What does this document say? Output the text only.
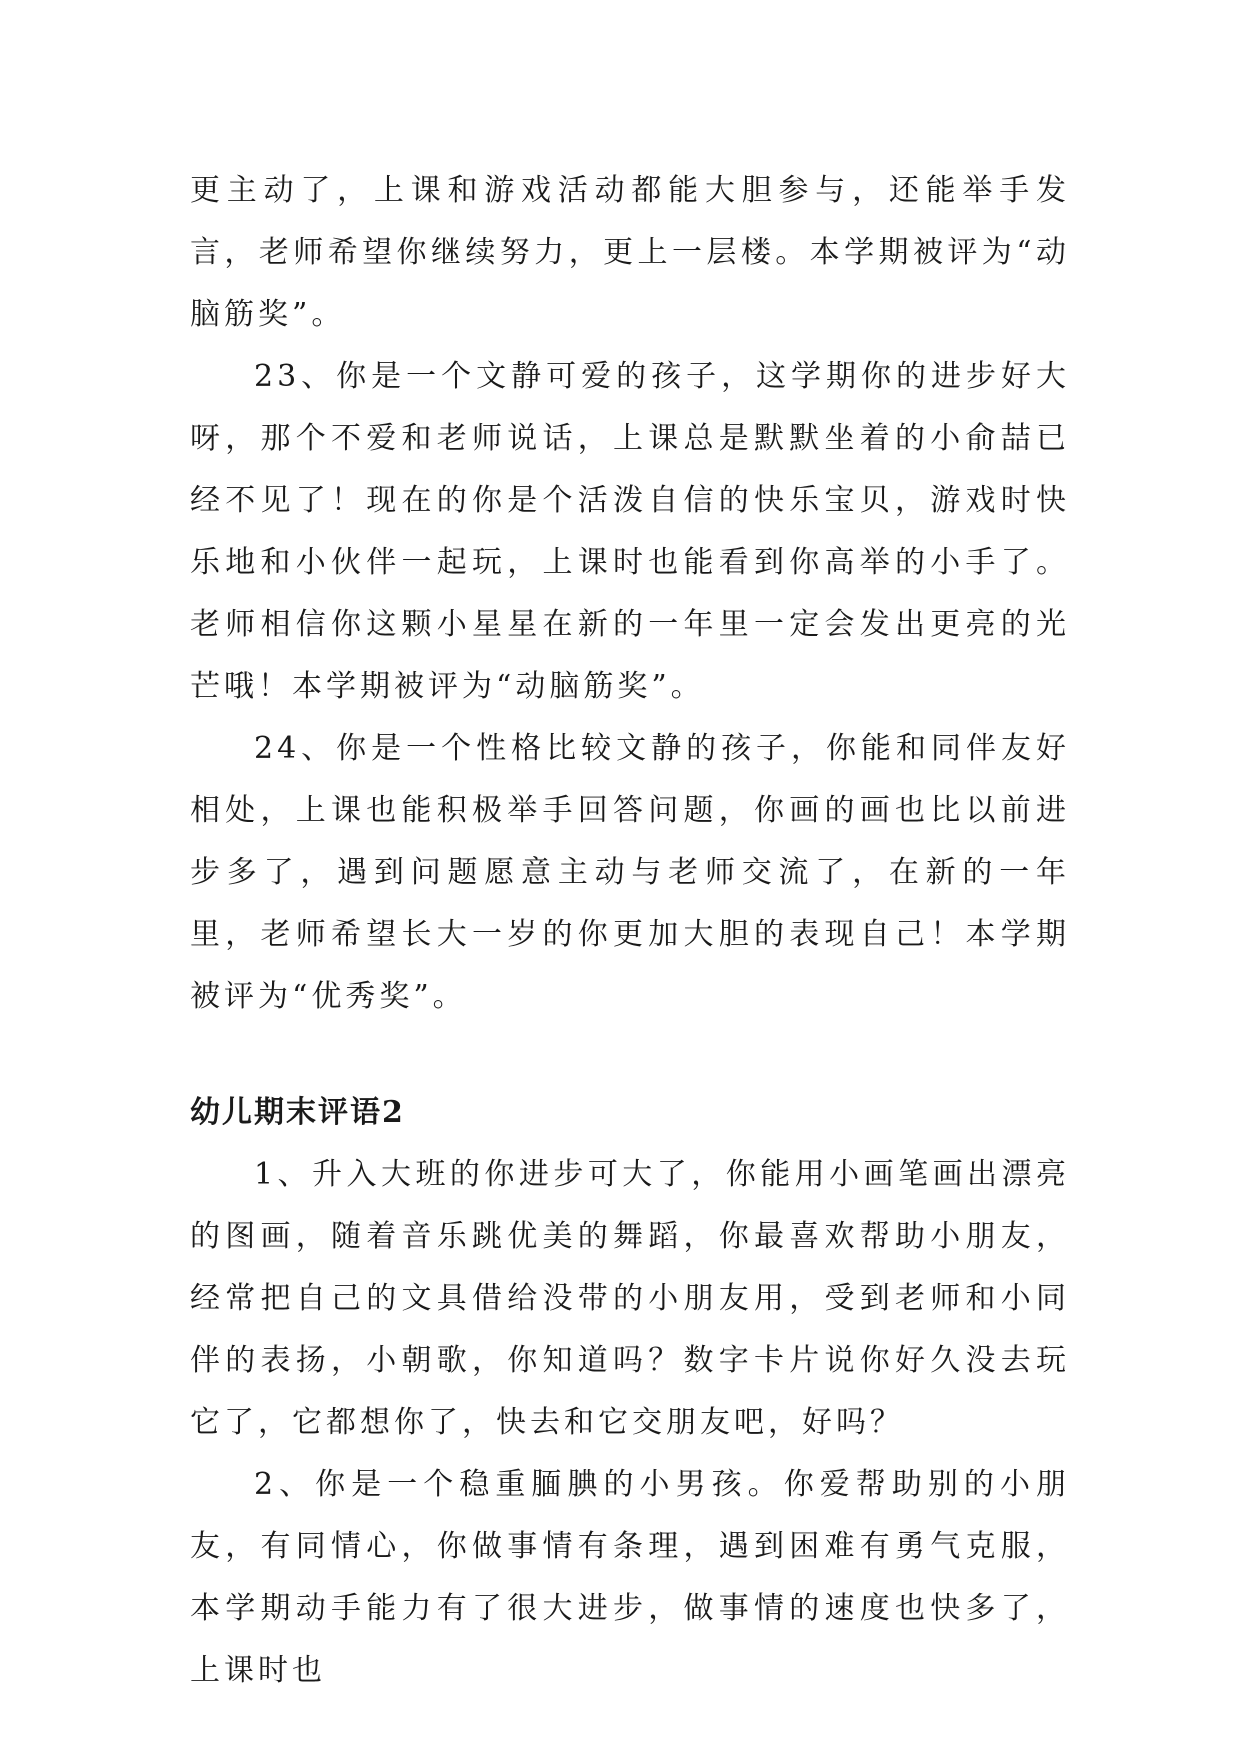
更主动了，上课和游戏活动都能大胆参与，还能举手发言，老师希望你继续努力，更上一层楼。本学期被评为“动脑筋奖”。

23、你是一个文静可爱的孩子，这学期你的进步好大呀，那个不爱和老师说话，上课总是默默坐着的小俞喆已经不见了！现在的你是个活泼自信的快乐宝贝，游戏时快乐地和小伙伴一起玩，上课时也能看到你高举的小手了。老师相信你这颗小星星在新的一年里一定会发出更亮的光芒哦！本学期被评为“动脑筋奖”。

24、你是一个性格比较文静的孩子，你能和同伴友好相处，上课也能积极举手回答问题，你画的画也比以前进步多了，遇到问题愿意主动与老师交流了，在新的一年里，老师希望长大一岁的你更加大胆的表现自己！本学期被评为“优秀奖”。

幼儿期末评语2

1、升入大班的你进步可大了，你能用小画笔画出漂亮的图画，随着音乐跳优美的舞蹈，你最喜欢帮助小朋友，经常把自己的文具借给没带的小朋友用，受到老师和小同伴的表扬，小朝歌，你知道吗？数字卡片说你好久没去玩它了，它都想你了，快去和它交朋友吧，好吗？

2、你是一个稳重腼腆的小男孩。你爱帮助别的小朋友，有同情心，你做事情有条理，遇到困难有勇气克服，本学期动手能力有了很大进步，做事情的速度也快多了，上课时也
